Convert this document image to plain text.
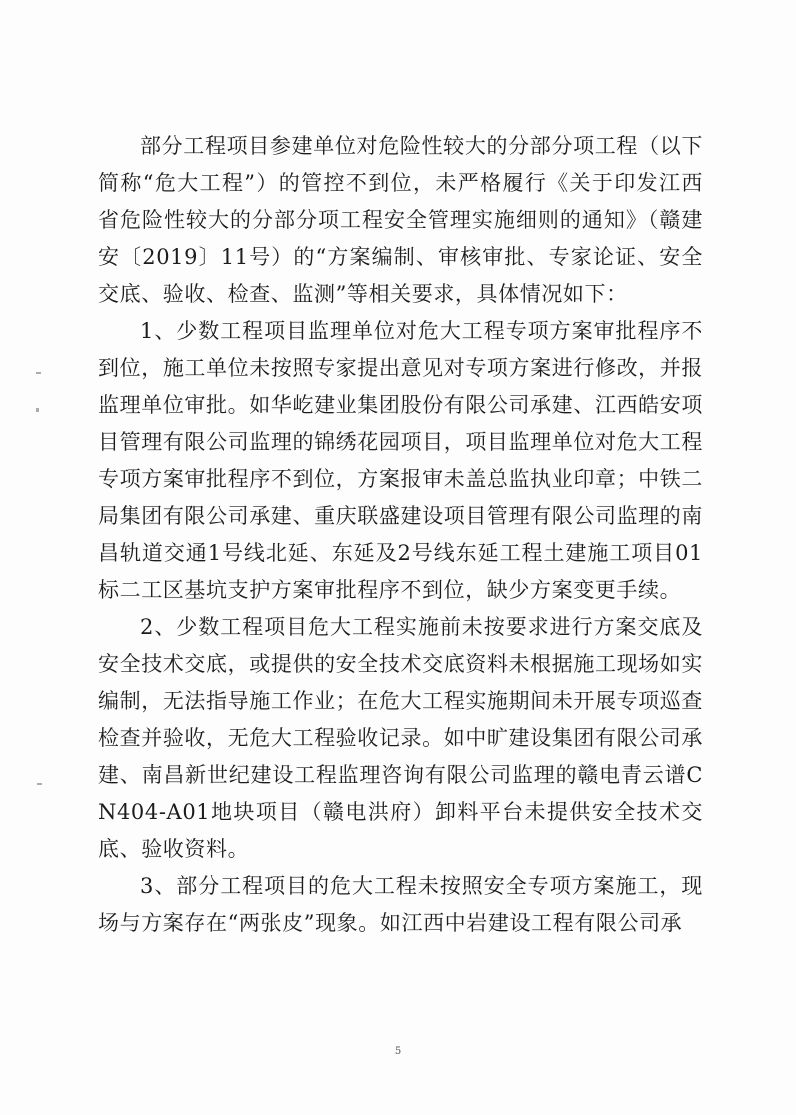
部分工程项目参建单位对危险性较大的分部分项工程（以下简称“危大工程”）的管控不到位，未严格履行《关于印发江西省危险性较大的分部分项工程安全管理实施细则的通知》（赣建安〔2019〕11号）的“方案编制、审核审批、专家论证、安全交底、验收、检查、监测”等相关要求，具体情况如下：

1、少数工程项目监理单位对危大工程专项方案审批程序不到位，施工单位未按照专家提出意见对专项方案进行修改，并报监理单位审批。如华屹建业集团股份有限公司承建、江西皓安项目管理有限公司监理的锦绣花园项目，项目监理单位对危大工程专项方案审批程序不到位，方案报审未盖总监执业印章；中铁二局集团有限公司承建、重庆联盛建设项目管理有限公司监理的南昌轨道交通1号线北延、东延及2号线东延工程土建施工项目01标二工区基坑支护方案审批程序不到位，缺少方案变更手续。

2、少数工程项目危大工程实施前未按要求进行方案交底及安全技术交底，或提供的安全技术交底资料未根据施工现场如实编制，无法指导施工作业；在危大工程实施期间未开展专项巡查检查并验收，无危大工程验收记录。如中旷建设集团有限公司承建、南昌新世纪建设工程监理咨询有限公司监理的赣电青云谱CN404-A01地块项目（赣电洪府）卸料平台未提供安全技术交底、验收资料。

3、部分工程项目的危大工程未按照安全专项方案施工，现场与方案存在“两张皮”现象。如江西中岩建设工程有限公司承

5
